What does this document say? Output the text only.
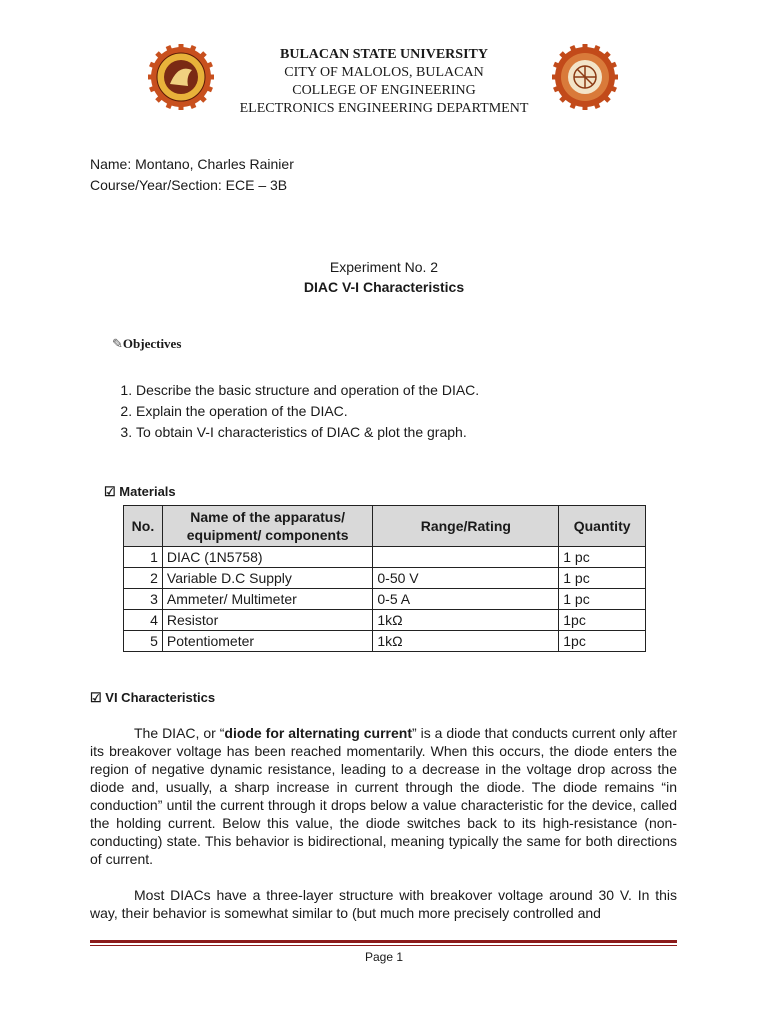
BULACAN STATE UNIVERSITY
CITY OF MALOLOS, BULACAN
COLLEGE OF ENGINEERING
ELECTRONICS ENGINEERING DEPARTMENT
Name: Montano, Charles Rainier
Course/Year/Section: ECE – 3B
Experiment No. 2
DIAC V-I Characteristics
✎Objectives
1. Describe the basic structure and operation of the DIAC.
2. Explain the operation of the DIAC.
3. To obtain V-I characteristics of DIAC & plot the graph.
☑ Materials
No.	Name of the apparatus/
equipment/ components	Range/Rating	Quantity
1	DIAC (1N5758)		1 pc
2	Variable D.C Supply	0-50 V	1 pc
3	Ammeter/ Multimeter	0-5 A	1 pc
4	Resistor	1kΩ	1pc
5	Potentiometer	1kΩ	1pc
☑ VI Characteristics
The DIAC, or “diode for alternating current” is a diode that conducts current only after its breakover voltage has been reached momentarily. When this occurs, the diode enters the region of negative dynamic resistance, leading to a decrease in the voltage drop across the diode and, usually, a sharp increase in current through the diode. The diode remains “in conduction” until the current through it drops below a value characteristic for the device, called the holding current. Below this value, the diode switches back to its high-resistance (non-conducting) state. This behavior is bidirectional, meaning typically the same for both directions of current.
Most DIACs have a three-layer structure with breakover voltage around 30 V. In this way, their behavior is somewhat similar to (but much more precisely controlled and
Page 1
